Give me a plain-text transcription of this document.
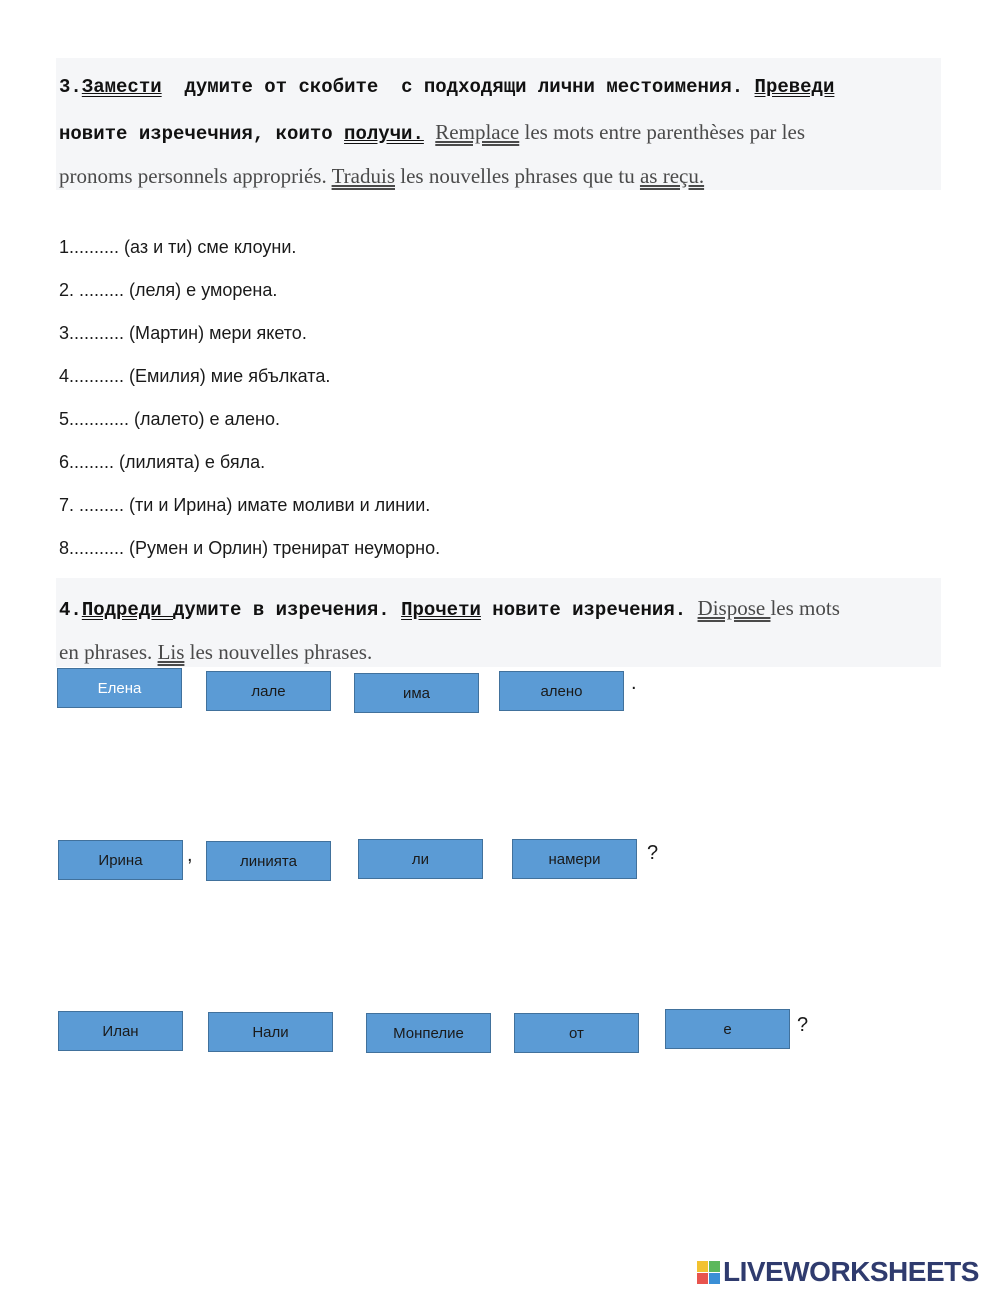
3.Замести  думите от скобите  с подходящи лични местоимения. Преведи
новите изречечния, които получи. Remplace les mots entre parenthèses par les
pronoms personnels appropriés. Traduis les nouvelles phrases que tu as reçu.
1.......... (аз и ти) сме клоуни.
2. ......... (леля) е уморена.
3........... (Мартин) мери якето.
4........... (Емилия) мие ябълката.
5............ (лалето) е алено.
6......... (лилията) е бяла.
7. ......... (ти и Ирина) имате моливи и линии.
8........... (Румен и Орлин) тренират неуморно.
4.Подреди думите в изречения. Прочети новите изречения. Dispose les mots
en phrases. Lis les nouvelles phrases.
Елена	лале	има	алено	.
Ирина	,	линията	ли	намери	?
Илан	Нали	Монпелие	от	е	?
LIVEWORKSHEETS
